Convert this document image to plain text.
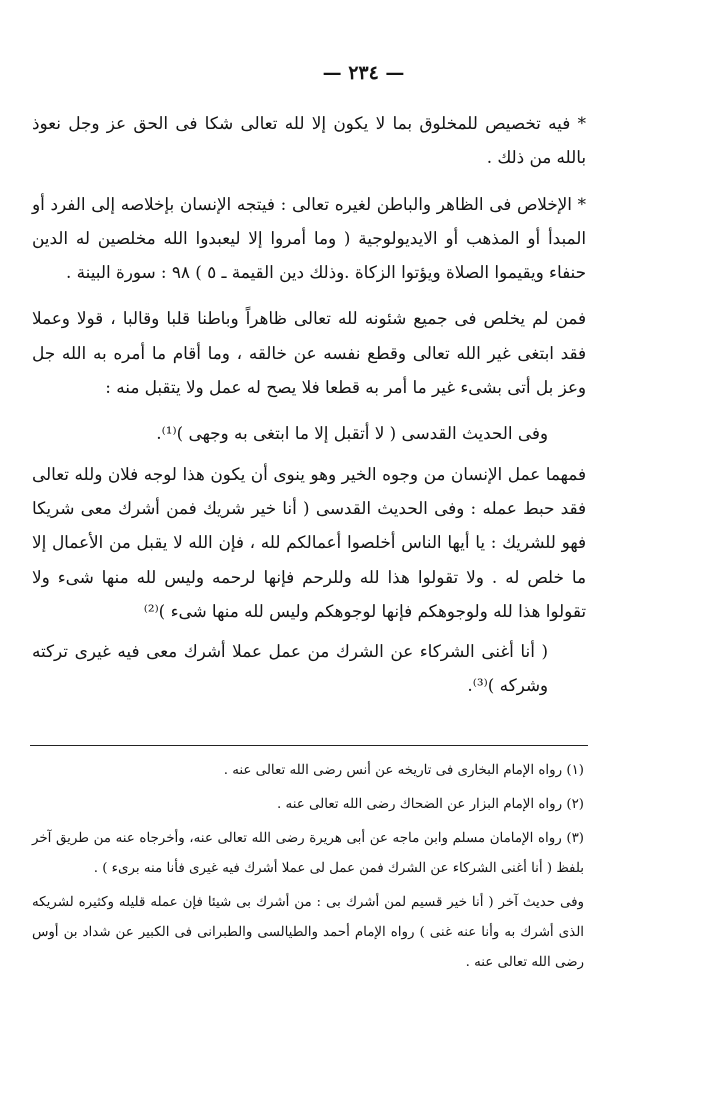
— ٢٣٤ —

* فيه تخصيص للمخلوق بما لا يكون إلا لله تعالى شكا فى الحق عز وجل نعوذ بالله من ذلك .

* الإخلاص فى الظاهر والباطن لغيره تعالى : فيتجه الإنسان بإخلاصه إلى الفرد أو المبدأ أو المذهب أو الايديولوجية ( وما أمروا إلا ليعبدوا الله مخلصين له الدين حنفاء ويقيموا الصلاة ويؤتوا الزكاة .وذلك دين القيمة ـ ٥ ) ٩٨ : سورة البينة .

فمن لم يخلص فى جميع شئونه لله تعالى ظاهراً وباطنا قلبا وقالبا ، قولا وعملا فقد ابتغى غير الله تعالى وقطع نفسه عن خالقه ، وما أقام ما أمره به الله جل وعز بل أتى بشىء غير ما أمر به قطعا فلا يصح له عمل ولا يتقبل منه :

وفى الحديث القدسى ( لا أتقبل إلا ما ابتغى به وجهى )⁽¹⁾.

فمهما عمل الإنسان من وجوه الخير وهو ينوى أن يكون هذا لوجه فلان ولله تعالى فقد حبط عمله : وفى الحديث القدسى ( أنا خير شريك فمن أشرك معى شريكا فهو للشريك : يا أيها الناس أخلصوا أعمالكم لله ، فإن الله لا يقبل من الأعمال إلا ما خلص له . ولا تقولوا هذا لله وللرحم فإنها لرحمه وليس لله منها شىء ولا تقولوا هذا لله ولوجوهكم فإنها لوجوهكم وليس لله منها شىء )⁽²⁾

( أنا أغنى الشركاء عن الشرك من عمل عملا أشرك معى فيه غيرى تركته وشركه )⁽³⁾.

(١) رواه الإمام البخارى فى تاريخه عن أنس رضى الله تعالى عنه .

(٢) رواه الإمام البزار عن الضحاك رضى الله تعالى عنه .

(٣) رواه الإمامان مسلم وابن ماجه عن أبى هريرة رضى الله تعالى عنه، وأخرجاه عنه من طريق آخر بلفظ ( أنا أغنى الشركاء عن الشرك فمن عمل لى عملا أشرك فيه غيرى فأنا منه برىء ) .

وفى حديث آخر ( أنا خير قسيم لمن أشرك بى : من أشرك بى شيئا فإن عمله قليله وكثيره لشريكه الذى أشرك به وأنا عنه غنى ) رواه الإمام أحمد والطيالسى والطبرانى فى الكبير عن شداد بن أوس رضى الله تعالى عنه .
